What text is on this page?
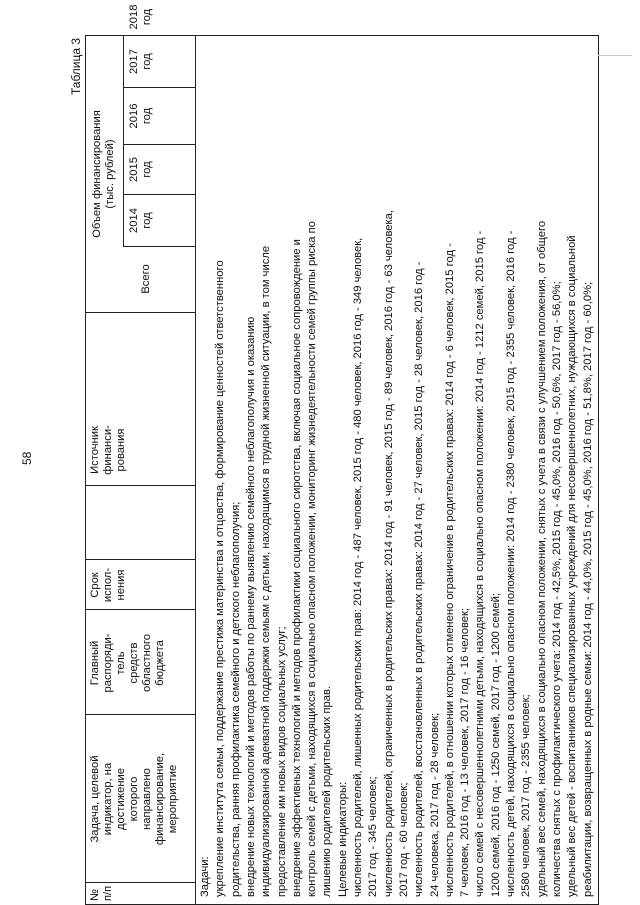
58
Таблица 3
№ п/п
Задача, целевой индикатор, на достижение которого направлено финансирование, мероприятие
Главный распоряди- тель средств областного бюджета
Срок испол- нения
Источник финанси- рования
Объем финансирования (тыс. рублей)
Всего
2014 год
2015 год
2016 год
2017 год
2018 год
Задачи: укрепление института семьи, поддержание престижа материнства и отцовства, формирование ценностей ответственного родительства, ранняя профилактика семейного и детского неблагополучия; внедрение новых технологий и методов работы по раннему выявлению семейного неблагополучия и оказанию индивидуализированной адекватной поддержки семьям с детьми, находящимся в трудной жизненной ситуации, в том числе предоставление им новых видов социальных услуг; внедрение эффективных технологий и методов профилактики социального сиротства, включая социальное сопровождение и контроль семей с детьми, находящихся в социально опасном положении, мониторинг жизнедеятельности семей группы риска по лишению родителей родительских прав. Целевые индикаторы: численность родителей, лишенных родительских прав: 2014 год - 487 человек, 2015 год - 480 человек, 2016 год - 349 человек, 2017 год - 345 человек; численность родителей, ограниченных в родительских правах: 2014 год - 91 человек, 2015 год - 89 человек, 2016 год - 63 человека, 2017 год - 60 человек; численность родителей, восстановленных в родительских правах: 2014 год - 27 человек, 2015 год - 28 человек, 2016 год - 24 человека, 2017 год - 28 человек; численность родителей, в отношении которых отменено ограничение в родительских правах: 2014 год - 6 человек, 2015 год - 7 человек, 2016 год - 13 человек, 2017 год - 16 человек; число семей с несовершеннолетними детьми, находящихся в социально опасном положении: 2014 год - 1212 семей, 2015 год - 1200 семей, 2016 год - 1250 семей, 2017 год - 1200 семей; численность детей, находящихся в социально опасном положении: 2014 год - 2380 человек, 2015 год - 2355 человек, 2016 год - 2580 человек, 2017 год - 2355 человек; удельный вес семей, находящихся в социально опасном положении, снятых с учета в связи с улучшением положения, от общего количества снятых с профилактического учета: 2014 год - 42,5%, 2015 год - 45,0%, 2016 год - 50,6%, 2017 год - 56,0%; удельный вес детей - воспитанников специализированных учреждений для несовершеннолетних, нуждающихся в социальной реабилитации, возвращенных в родные семьи: 2014 год - 44,0%, 2015 год - 45,0%, 2016 год - 51,8%, 2017 год - 60,0%;
